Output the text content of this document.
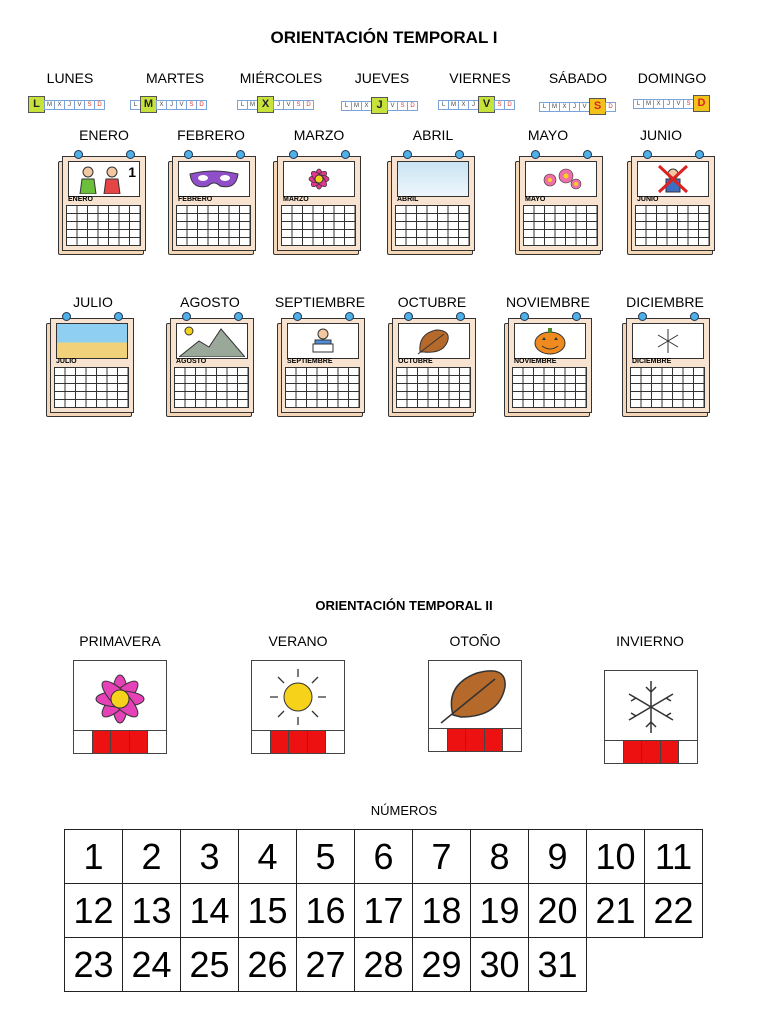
ORIENTACIÓN TEMPORAL I
LUNES	MARTES	MIÉRCOLES	JUEVES	VIERNES	SÁBADO	DOMINGO
L	M X	J	V S D	L M	X	J	V S D	L M X	J	V S D	L M X J	V S D	L M X	J V	S D	L M X	J	V S	D	L M X	J	V S D
ENERO	FEBRERO	MARZO	ABRIL	MAYO	JUNIO
1
ENERO	FEBRERO	MARZO	ABRIL	MAYO	JUNIO
JULIO	AGOSTO	SEPTIEMBRE	OCTUBRE	NOVIEMBRE	DICIEMBRE
JULIO	AGOSTO	SEPTIEMBRE	OCTUBRE	NOVIEMBRE	DICIEMBRE
ORIENTACIÓN TEMPORAL II
PRIMAVERA	VERANO	OTOÑO	INVIERNO
NÚMEROS
1	2	3	4	5	6	7	8	9	10	11
12	13	14	15	16	17	18	19	20	21	22
23	24	25	26	27	28	29	30	31		
